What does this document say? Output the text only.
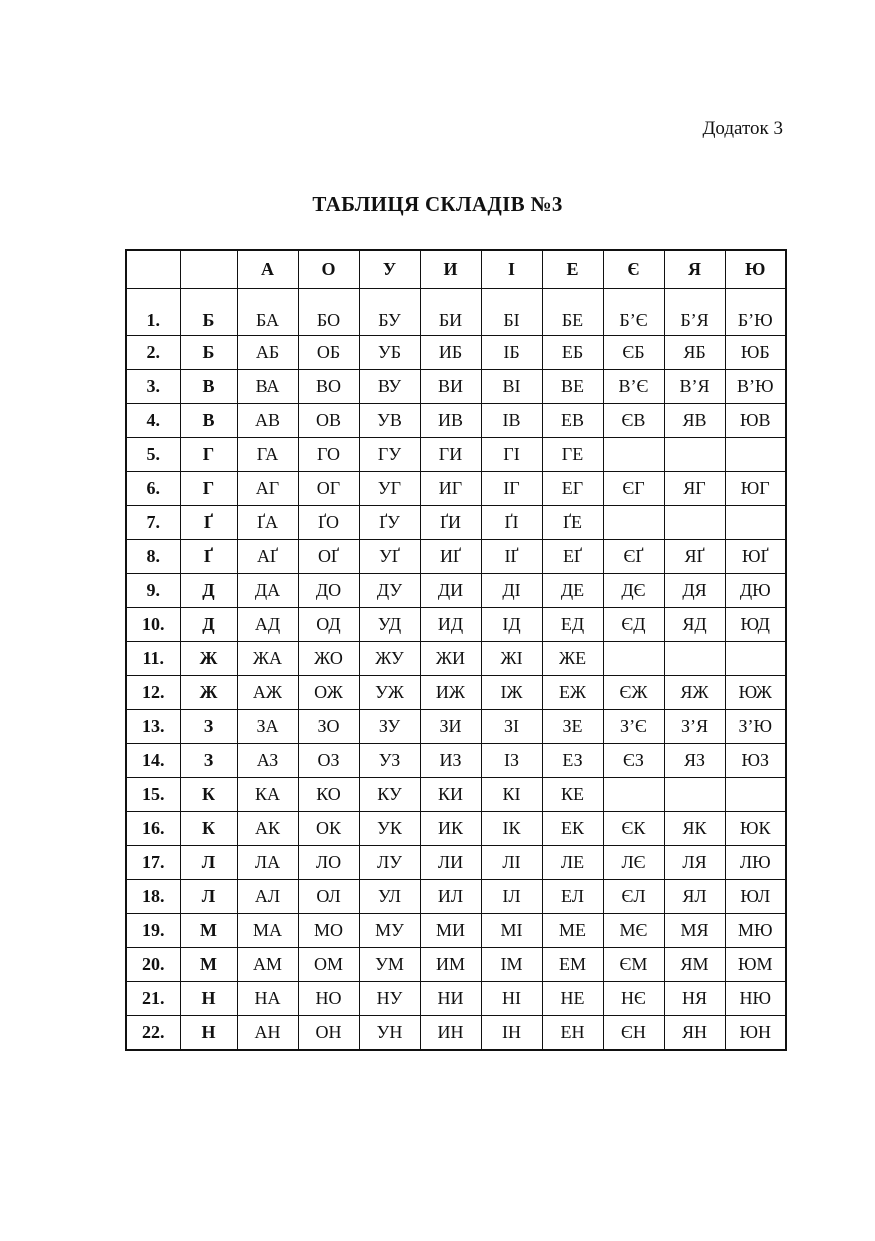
Додаток 3
ТАБЛИЦЯ СКЛАДІВ №3
		А	О	У	И	І	Е	Є	Я	Ю
1.	Б	БА	БО	БУ	БИ	БІ	БЕ	Б’Є	Б’Я	Б’Ю
2.	Б	АБ	ОБ	УБ	ИБ	ІБ	ЕБ	ЄБ	ЯБ	ЮБ
3.	В	ВА	ВО	ВУ	ВИ	ВІ	ВЕ	В’Є	В’Я	В’Ю
4.	В	АВ	ОВ	УВ	ИВ	ІВ	ЕВ	ЄВ	ЯВ	ЮВ
5.	Г	ГА	ГО	ГУ	ГИ	ГІ	ГЕ			
6.	Г	АГ	ОГ	УГ	ИГ	ІГ	ЕГ	ЄГ	ЯГ	ЮГ
7.	Ґ	ҐА	ҐО	ҐУ	ҐИ	ҐІ	ҐЕ			
8.	Ґ	АҐ	ОҐ	УҐ	ИҐ	ІҐ	ЕҐ	ЄҐ	ЯҐ	ЮҐ
9.	Д	ДА	ДО	ДУ	ДИ	ДІ	ДЕ	ДЄ	ДЯ	ДЮ
10.	Д	АД	ОД	УД	ИД	ІД	ЕД	ЄД	ЯД	ЮД
11.	Ж	ЖА	ЖО	ЖУ	ЖИ	ЖІ	ЖЕ			
12.	Ж	АЖ	ОЖ	УЖ	ИЖ	ІЖ	ЕЖ	ЄЖ	ЯЖ	ЮЖ
13.	З	ЗА	ЗО	ЗУ	ЗИ	ЗІ	ЗЕ	З’Є	З’Я	З’Ю
14.	З	АЗ	ОЗ	УЗ	ИЗ	ІЗ	ЕЗ	ЄЗ	ЯЗ	ЮЗ
15.	К	КА	КО	КУ	КИ	КІ	КЕ			
16.	К	АК	ОК	УК	ИК	ІК	ЕК	ЄК	ЯК	ЮК
17.	Л	ЛА	ЛО	ЛУ	ЛИ	ЛІ	ЛЕ	ЛЄ	ЛЯ	ЛЮ
18.	Л	АЛ	ОЛ	УЛ	ИЛ	ІЛ	ЕЛ	ЄЛ	ЯЛ	ЮЛ
19.	М	МА	МО	МУ	МИ	МІ	МЕ	МЄ	МЯ	МЮ
20.	М	АМ	ОМ	УМ	ИМ	ІМ	ЕМ	ЄМ	ЯМ	ЮМ
21.	Н	НА	НО	НУ	НИ	НІ	НЕ	НЄ	НЯ	НЮ
22.	Н	АН	ОН	УН	ИН	ІН	ЕН	ЄН	ЯН	ЮН
